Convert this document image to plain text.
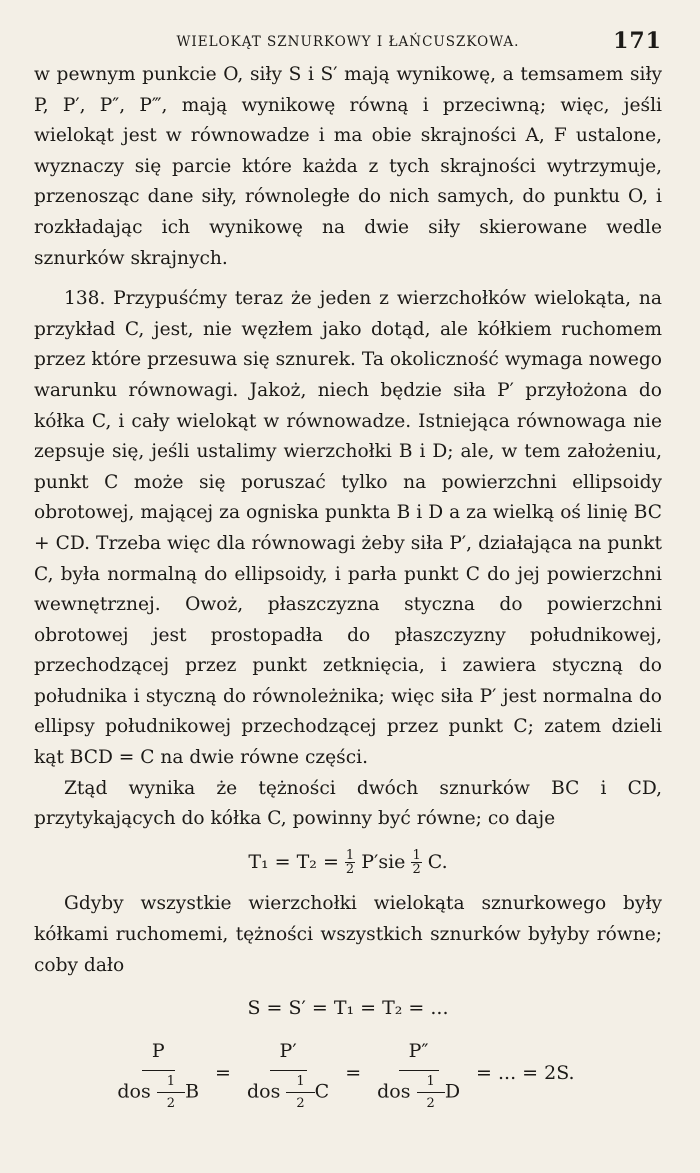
WIELOKĄT SZNURKOWY I ŁAŃCUSZKOWA.	171

w pewnym punkcie O, siły S i S′ mają wynikowę, a temsamem siły P, P′, P″, P‴, mają wynikowę równą i przeciwną; więc, jeśli wielokąt jest w równowadze i ma obie skrajności A, F ustalone, wyznaczy się parcie które każda z tych skrajności wytrzymuje, przenosząc dane siły, równoległe do nich samych, do punktu O, i rozkładając ich wynikowę na dwie siły skierowane wedle sznurków skrajnych.

138. Przypuśćmy teraz że jeden z wierzchołków wielokąta, na przykład C, jest, nie węzłem jako dotąd, ale kółkiem ruchomem przez które przesuwa się sznurek. Ta okoliczność wymaga nowego warunku równowagi. Jakoż, niech będzie siła P′ przyłożona do kółka C, i cały wielokąt w równowadze. Istniejąca równowaga nie zepsuje się, jeśli ustalimy wierzchołki B i D; ale, w tem założeniu, punkt C może się poruszać tylko na powierzchni ellipsoidy obrotowej, mającej za ogniska punkta B i D a za wielką oś linię BC + CD. Trzeba więc dla równowagi żeby siła P′, działająca na punkt C, była normalną do ellipsoidy, i parła punkt C do jej powierzchni wewnętrznej. Owoż, płaszczyzna styczna do powierzchni obrotowej jest prostopadła do płaszczyzny południkowej, przechodzącej przez punkt zetknięcia, i zawiera styczną do południka i styczną do równoleżnika; więc siła P′ jest normalna do ellipsy południkowej przechodzącej przez punkt C; zatem dzieli kąt BCD = C na dwie równe części.

Ztąd wynika że tężności dwóch sznurków BC i CD, przytykających do kółka C, powinny być równe; co daje

$T_1 = T_2 = \frac{1}{2} P'sie \frac{1}{2} C$.

Gdyby wszystkie wierzchołki wielokąta sznurkowego były kółkami ruchomemi, tężności wszystkich sznurków byłyby równe; coby dało

S = S′ = T₁ = T₂ = ...
$\frac{P}{dos \frac{1}{2} B} = \frac{P'}{dos \frac{1}{2} C} = \frac{P''}{dos \frac{1}{2} D}$ = ... = 2S.
